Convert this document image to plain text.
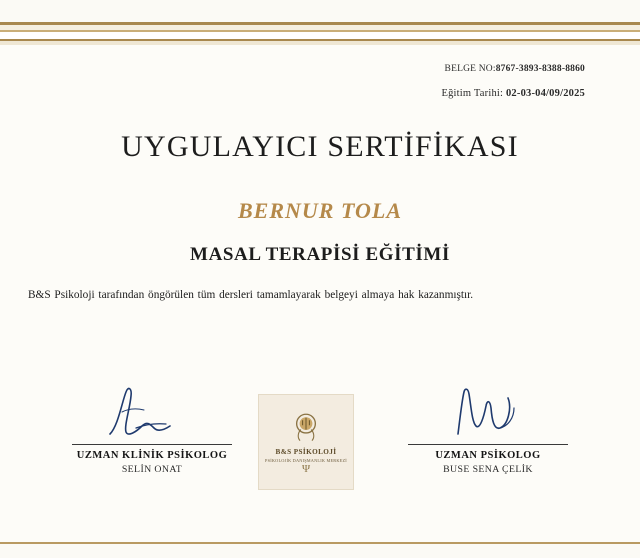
BELGE NO:8767-3893-8388-8860
Eğitim Tarihi: 02-03-04/09/2025
UYGULAYICI SERTİFİKASI
BERNUR TOLA
MASAL TERAPİSİ EĞİTİMİ
B&S Psikoloji tarafından öngörülen tüm dersleri tamamlayarak belgeyi almaya hak kazanmıştır.
UZMAN KLİNİK PSİKOLOG
SELİN ONAT
UZMAN PSİKOLOG
BUSE SENA ÇELİK
B&S PSİKOLOJİ
PSİKOLOJİK DANIŞMANLIK MERKEZİ
Ψ
